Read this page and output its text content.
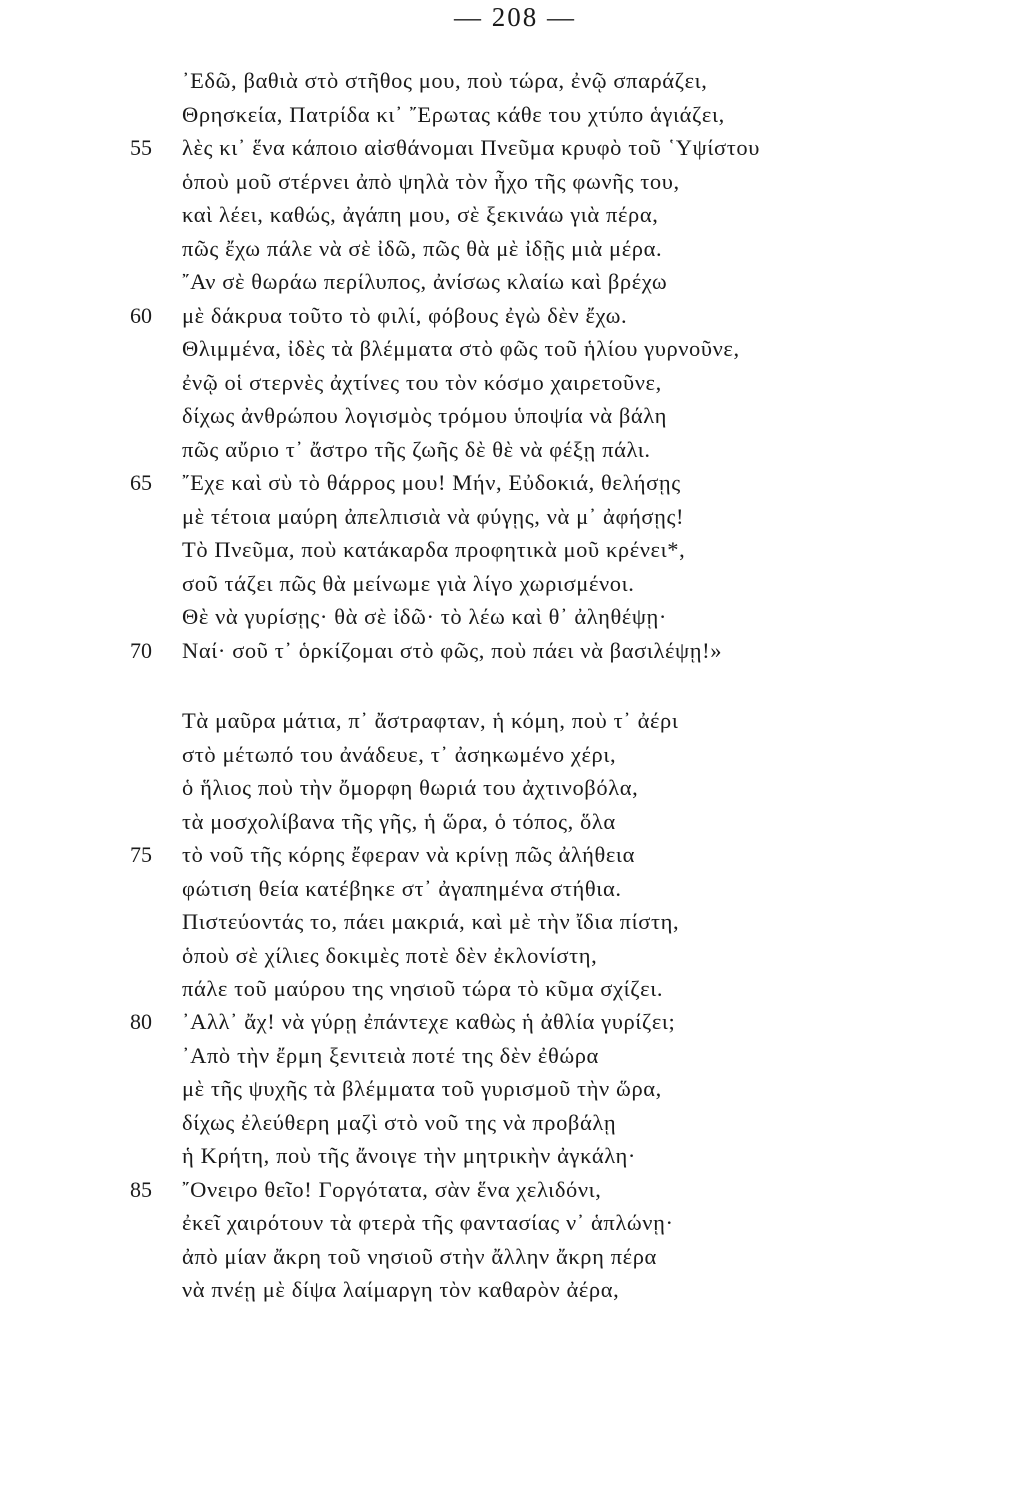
— 208 —
᾽Εδῶ, βαθιὰ στὸ στῆθος μου, ποὺ τώρα, ἐνῷ σπαράζει,
Θρησκεία, Πατρίδα κι᾽ ῎Ερωτας κάθε του χτύπο ἁγιάζει,
55	λὲς κι᾽ ἕνα κάποιο αἰσθάνομαι Πνεῦμα κρυφὸ τοῦ ῾Υψίστου
ὁποὺ μοῦ στέρνει ἀπὸ ψηλὰ τὸν ἦχο τῆς φωνῆς του,
καὶ λέει, καθώς, ἀγάπη μου, σὲ ξεκινάω γιὰ πέρα,
πῶς ἔχω πάλε νὰ σὲ ἰδῶ, πῶς θὰ μὲ ἰδῇς μιὰ μέρα.
῎Αν σὲ θωράω περίλυπος, ἀνίσως κλαίω καὶ βρέχω
60	μὲ δάκρυα τοῦτο τὸ φιλί, φόβους ἐγὼ δὲν ἔχω.
Θλιμμένα, ἰδὲς τὰ βλέμματα στὸ φῶς τοῦ ἡλίου γυρνοῦνε,
ἐνῷ οἱ στερνὲς ἀχτίνες του τὸν κόσμο χαιρετοῦνε,
δίχως ἀνθρώπου λογισμὸς τρόμου ὑποψία νὰ βάλη
πῶς αὔριο τ᾽ ἄστρο τῆς ζωῆς δὲ θὲ νὰ φέξῃ πάλι.
65	῎Εχε καὶ σὺ τὸ θάρρος μου! Μήν, Εὐδοκιά, θελήσῃς
μὲ τέτοια μαύρη ἀπελπισιὰ νὰ φύγῃς, νὰ μ᾽ ἀφήσῃς!
Τὸ Πνεῦμα, ποὺ κατάκαρδα προφητικὰ μοῦ κρένει*,
σοῦ τάζει πῶς θὰ μείνωμε γιὰ λίγο χωρισμένοι.
Θὲ νὰ γυρίσῃς· θὰ σὲ ἰδῶ· τὸ λέω καὶ θ᾽ ἀληθέψῃ·
70	Ναί· σοῦ τ᾽ ὁρκίζομαι στὸ φῶς, ποὺ πάει νὰ βασιλέψῃ!»
Τὰ μαῦρα μάτια, π᾽ ἄστραφταν, ἡ κόμη, ποὺ τ᾽ ἀέρι
στὸ μέτωπό του ἀνάδευε, τ᾽ ἀσηκωμένο χέρι,
ὁ ἥλιος ποὺ τὴν ὄμορφη θωριά του ἀχτινοβόλα,
τὰ μοσχολίβανα τῆς γῆς, ἡ ὥρα, ὁ τόπος, ὅλα
75	τὸ νοῦ τῆς κόρης ἔφεραν νὰ κρίνῃ πῶς ἀλήθεια
φώτιση θεία κατέβηκε στ᾽ ἀγαπημένα στήθια.
Πιστεύοντάς το, πάει μακριά, καὶ μὲ τὴν ἴδια πίστη,
ὁποὺ σὲ χίλιες δοκιμὲς ποτὲ δὲν ἐκλονίστη,
πάλε τοῦ μαύρου της νησιοῦ τώρα τὸ κῦμα σχίζει.
80	᾽Αλλ᾽ ἄχ! νὰ γύρῃ ἐπάντεχε καθὼς ἡ ἀθλία γυρίζει;
᾽Απὸ τὴν ἔρμη ξενιτειὰ ποτέ της δὲν ἐθώρα
μὲ τῆς ψυχῆς τὰ βλέμματα τοῦ γυρισμοῦ τὴν ὥρα,
δίχως ἐλεύθερη μαζὶ στὸ νοῦ της νὰ προβάλῃ
ἡ Κρήτη, ποὺ τῆς ἄνοιγε τὴν μητρικὴν ἀγκάλη·
85	῎Ονειρο θεῖο! Γοργότατα, σὰν ἕνα χελιδόνι,
ἐκεῖ χαιρότουν τὰ φτερὰ τῆς φαντασίας ν᾽ ἁπλώνῃ·
ἀπὸ μίαν ἄκρη τοῦ νησιοῦ στὴν ἄλλην ἄκρη πέρα
νὰ πνέῃ μὲ δίψα λαίμαργη τὸν καθαρὸν ἀέρα,
